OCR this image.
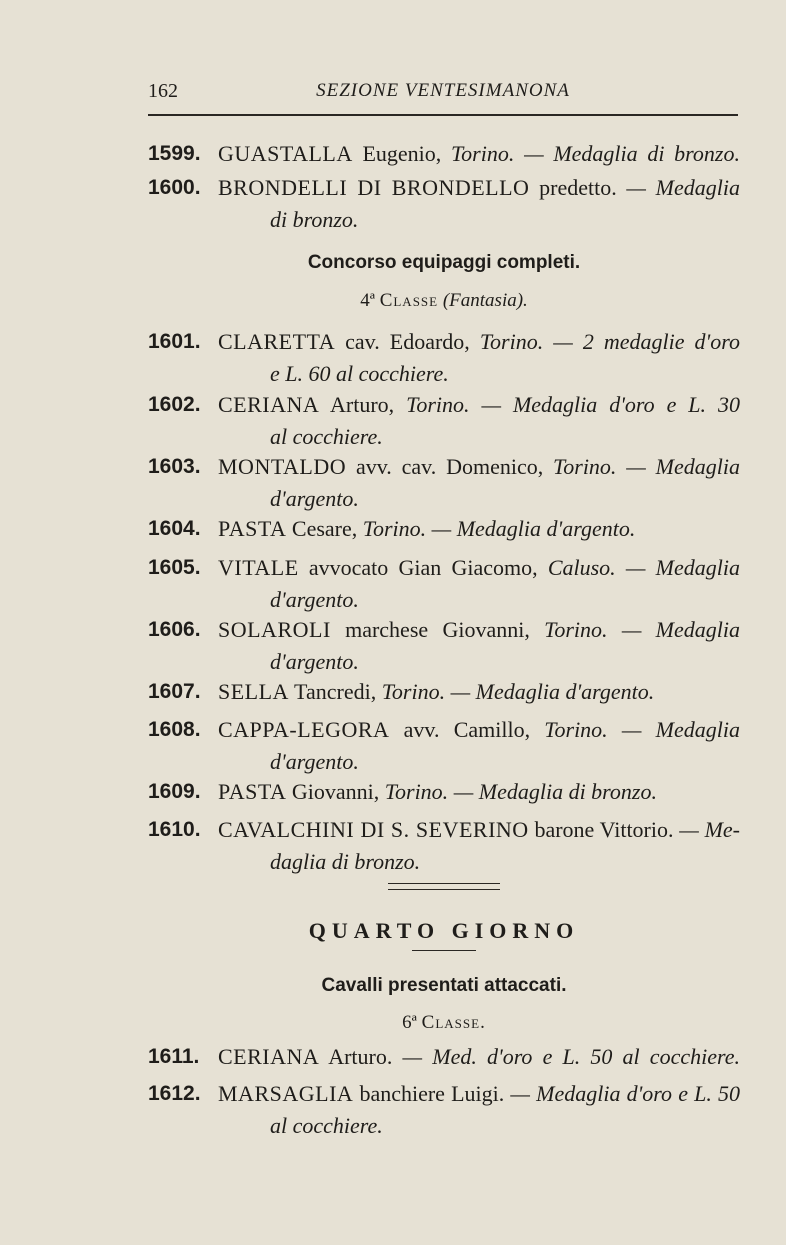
162	SEZIONE VENTESIMANONA
1599. GUASTALLA Eugenio, Torino. — Medaglia di bronzo.
1600. BRONDELLI DI BRONDELLO predetto. — Medaglia
di bronzo.
Concorso equipaggi completi.
4ª Classe (Fantasia).
1601. CLARETTA cav. Edoardo, Torino. — 2 medaglie d'oro
e L. 60 al cocchiere.
1602. CERIANA Arturo, Torino. — Medaglia d'oro e L. 30
al cocchiere.
1603. MONTALDO avv. cav. Domenico, Torino. — Medaglia
d'argento.
1604. PASTA Cesare, Torino. — Medaglia d'argento.
1605. VITALE avvocato Gian Giacomo, Caluso. — Medaglia
d'argento.
1606. SOLAROLI marchese Giovanni, Torino. — Medaglia
d'argento.
1607. SELLA Tancredi, Torino. — Medaglia d'argento.
1608. CAPPA-LEGORA avv. Camillo, Torino. — Medaglia
d'argento.
1609. PASTA Giovanni, Torino. — Medaglia di bronzo.
1610. CAVALCHINI DI S. SEVERINO barone Vittorio. — Me-
daglia di bronzo.
QUARTO GIORNO
Cavalli presentati attaccati.
6ª Classe.
1611. CERIANA Arturo. — Med. d'oro e L. 50 al cocchiere.
1612. MARSAGLIA banchiere Luigi. — Medaglia d'oro e L. 50
al cocchiere.
